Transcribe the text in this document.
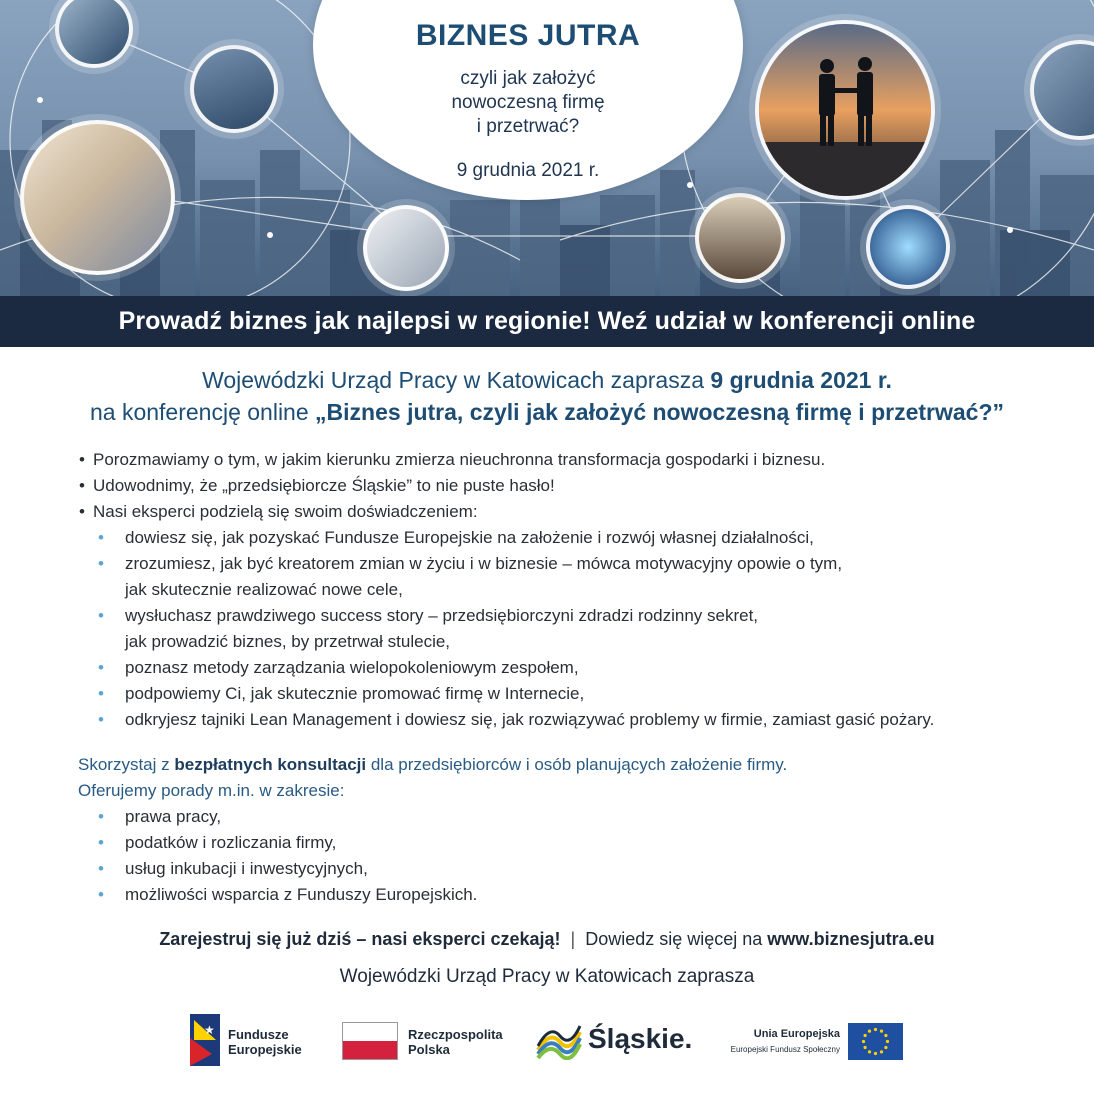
BIZNES JUTRA
czyli jak założyć
nowoczesną firmę
i przetrwać?
9 grudnia 2021 r.
Prowadź biznes jak najlepsi w regionie! Weź udział w konferencji online
Wojewódzki Urząd Pracy w Katowicach zaprasza 9 grudnia 2021 r.
na konferencję online „Biznes jutra, czyli jak założyć nowoczesną firmę i przetrwać?”
• Porozmawiamy o tym, w jakim kierunku zmierza nieuchronna transformacja gospodarki i biznesu.
• Udowodnimy, że „przedsiębiorcze Śląskie” to nie puste hasło!
• Nasi eksperci podzielą się swoim doświadczeniem:
• dowiesz się, jak pozyskać Fundusze Europejskie na założenie i rozwój własnej działalności,
• zrozumiesz, jak być kreatorem zmian w życiu i w biznesie – mówca motywacyjny opowie o tym,
jak skutecznie realizować nowe cele,
• wysłuchasz prawdziwego success story – przedsiębiorczyni zdradzi rodzinny sekret,
jak prowadzić biznes, by przetrwał stulecie,
• poznasz metody zarządzania wielopokoleniowym zespołem,
• podpowiemy Ci, jak skutecznie promować firmę w Internecie,
• odkryjesz tajniki Lean Management i dowiesz się, jak rozwiązywać problemy w firmie, zamiast gasić pożary.
Skorzystaj z bezpłatnych konsultacji dla przedsiębiorców i osób planujących założenie firmy.
Oferujemy porady m.in. w zakresie:
• prawa pracy,
• podatków i rozliczania firmy,
• usług inkubacji i inwestycyjnych,
• możliwości wsparcia z Funduszy Europejskich.
Zarejestruj się już dziś – nasi eksperci czekają! | Dowiedz się więcej na www.biznesjutra.eu
Wojewódzki Urząd Pracy w Katowicach zaprasza
★ Fundusze
Europejskie
Rzeczpospolita
Polska	Śląskie.	Unia Europejska
Europejski Fundusz Społeczny
